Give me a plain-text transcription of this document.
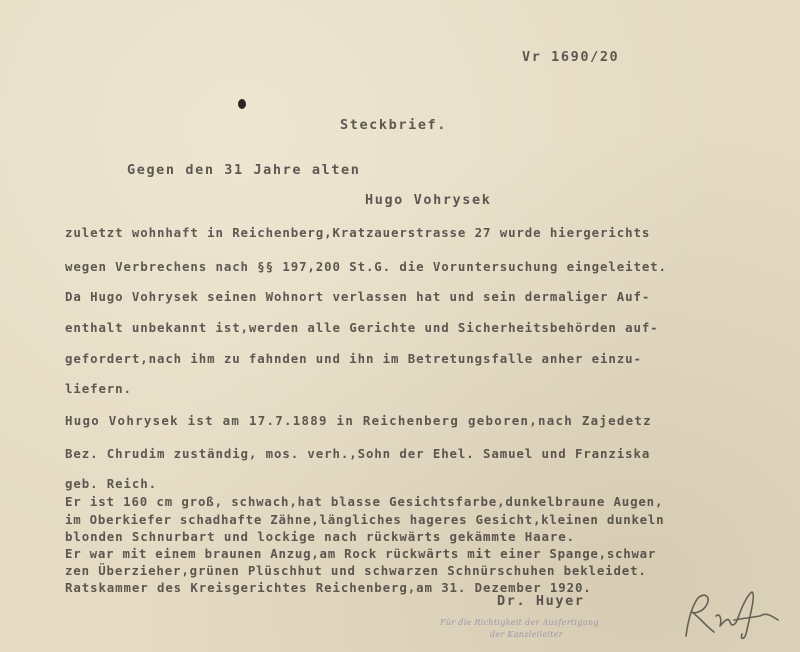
Vr 1690/20
Steckbrief.
Gegen den 31 Jahre alten
Hugo Vohrysek
zuletzt wohnhaft in Reichenberg,Kratzauerstrasse 27 wurde hiergerichts
wegen Verbrechens nach §§ 197,200 St.G. die Voruntersuchung eingeleitet.
Da Hugo Vohrysek seinen Wohnort verlassen hat und sein dermaliger Auf-
enthalt unbekannt ist,werden alle Gerichte und Sicherheitsbehörden auf-
gefordert,nach ihm zu fahnden und ihn im Betretungsfalle anher einzu-
liefern.
Hugo Vohrysek ist am 17.7.1889 in Reichenberg geboren,nach Zajedetz
Bez. Chrudim zuständig, mos. verh.,Sohn der Ehel. Samuel und Franziska
geb. Reich.
Er ist 160 cm groß, schwach,hat blasse Gesichtsfarbe,dunkelbraune Augen,
im Oberkiefer schadhafte Zähne,längliches hageres Gesicht,kleinen dunkeln
blonden Schnurbart und lockige nach rückwärts gekämmte Haare.
Er war mit einem braunen Anzug,am Rock rückwärts mit einer Spange,schwar
zen Überzieher,grünen Plüschhut und schwarzen Schnürschuhen bekleidet.
Ratskammer des Kreisgerichtes Reichenberg,am 31. Dezember 1920.
Dr. Huyer
Für die Richtigkeit der Ausfertigung
der Kanzleileiter
